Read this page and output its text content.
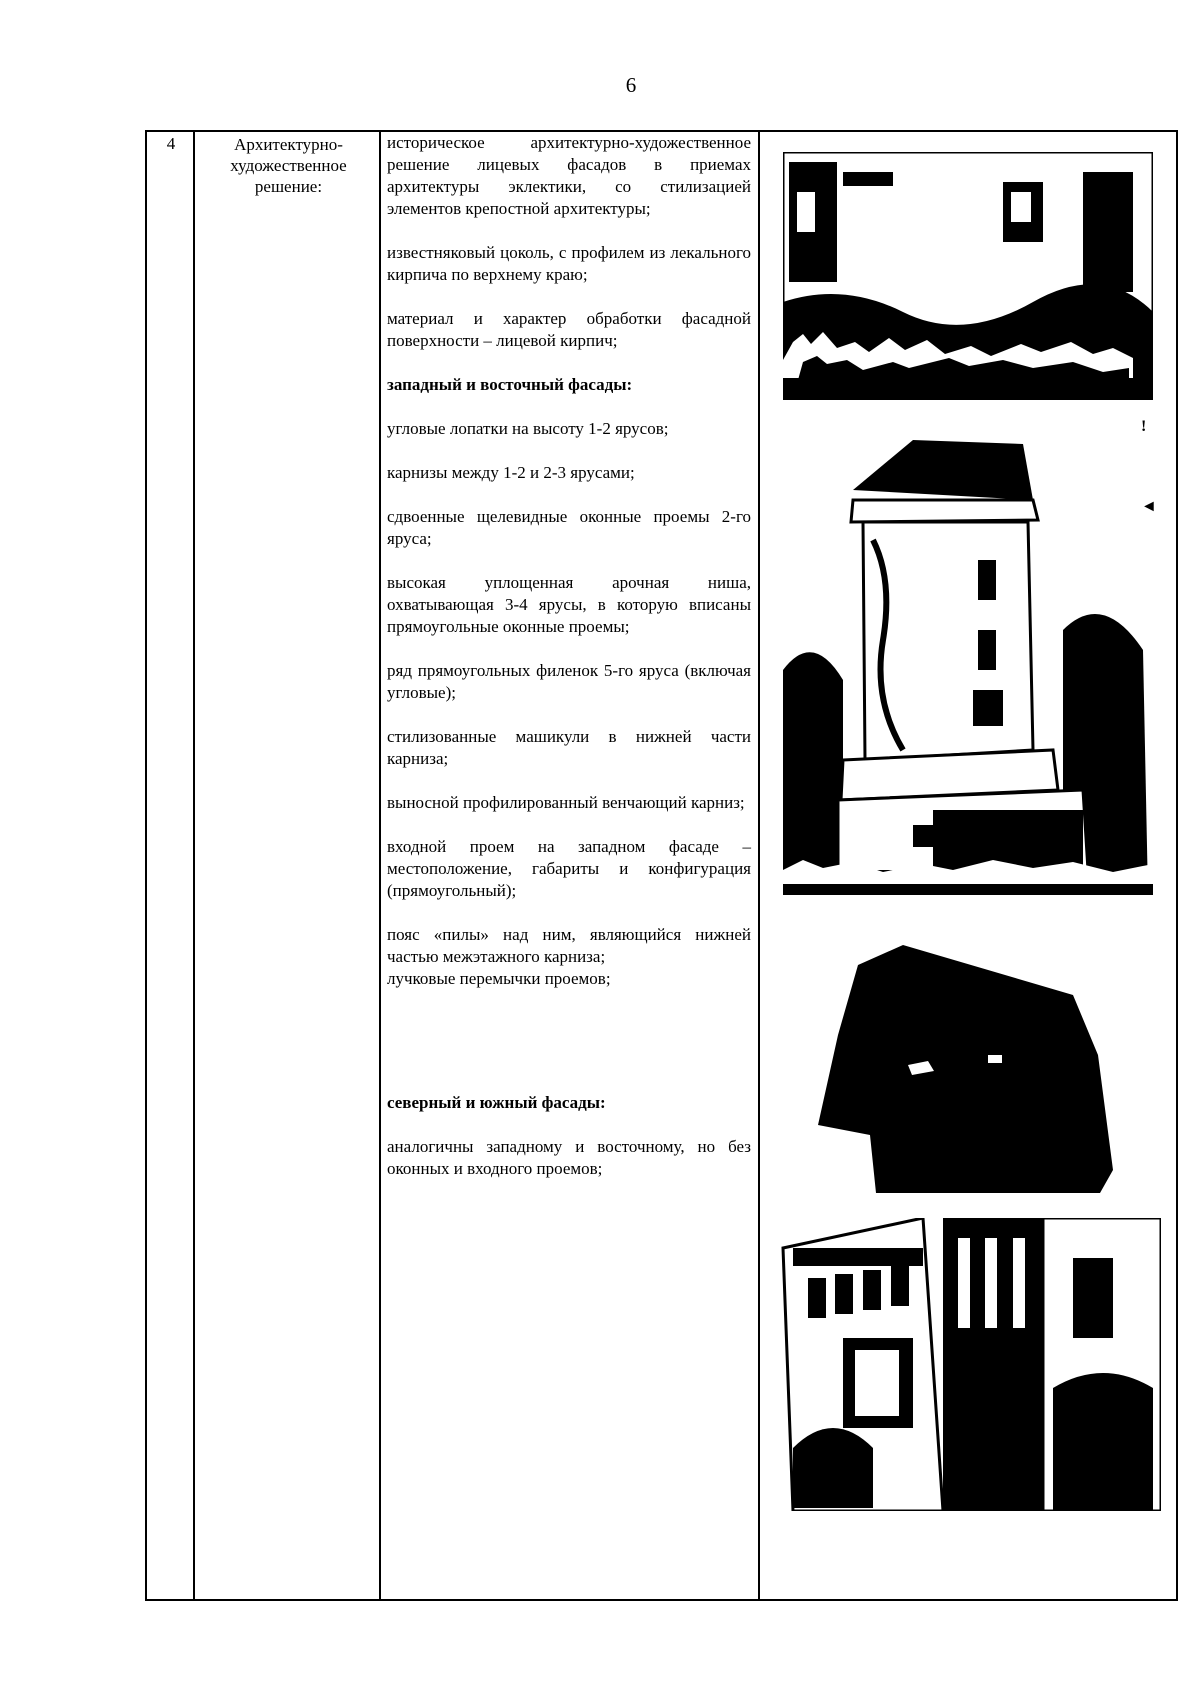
6
4	Архитектурно-художественное решение:

историческое архитектурно-художественное решение лицевых фасадов в приемах архитектуры эклектики, со стилизацией элементов крепостной архитектуры;

известняковый цоколь, с профилем из лекального кирпича по верхнему краю;

материал и характер обработки фасадной поверхности – лицевой кирпич;

западный и восточный фасады:

угловые лопатки на высоту 1-2 ярусов;

карнизы между 1-2 и 2-3 ярусами;

сдвоенные щелевидные оконные проемы 2-го яруса;

высокая уплощенная арочная ниша, охватывающая 3-4 ярусы, в которую вписаны прямоугольные оконные проемы;

ряд прямоугольных филенок 5-го яруса (включая угловые);

стилизованные машикули в нижней части карниза;

выносной профилированный венчающий карниз;

входной проем на западном фасаде – местоположение, габариты и конфигурация (прямоугольный);

пояс «пилы» над ним, являющийся нижней частью межэтажного карниза;

лучковые перемычки проемов;

северный и южный фасады:

аналогичны западному и восточному, но без оконных и входного проемов;

!
◄
